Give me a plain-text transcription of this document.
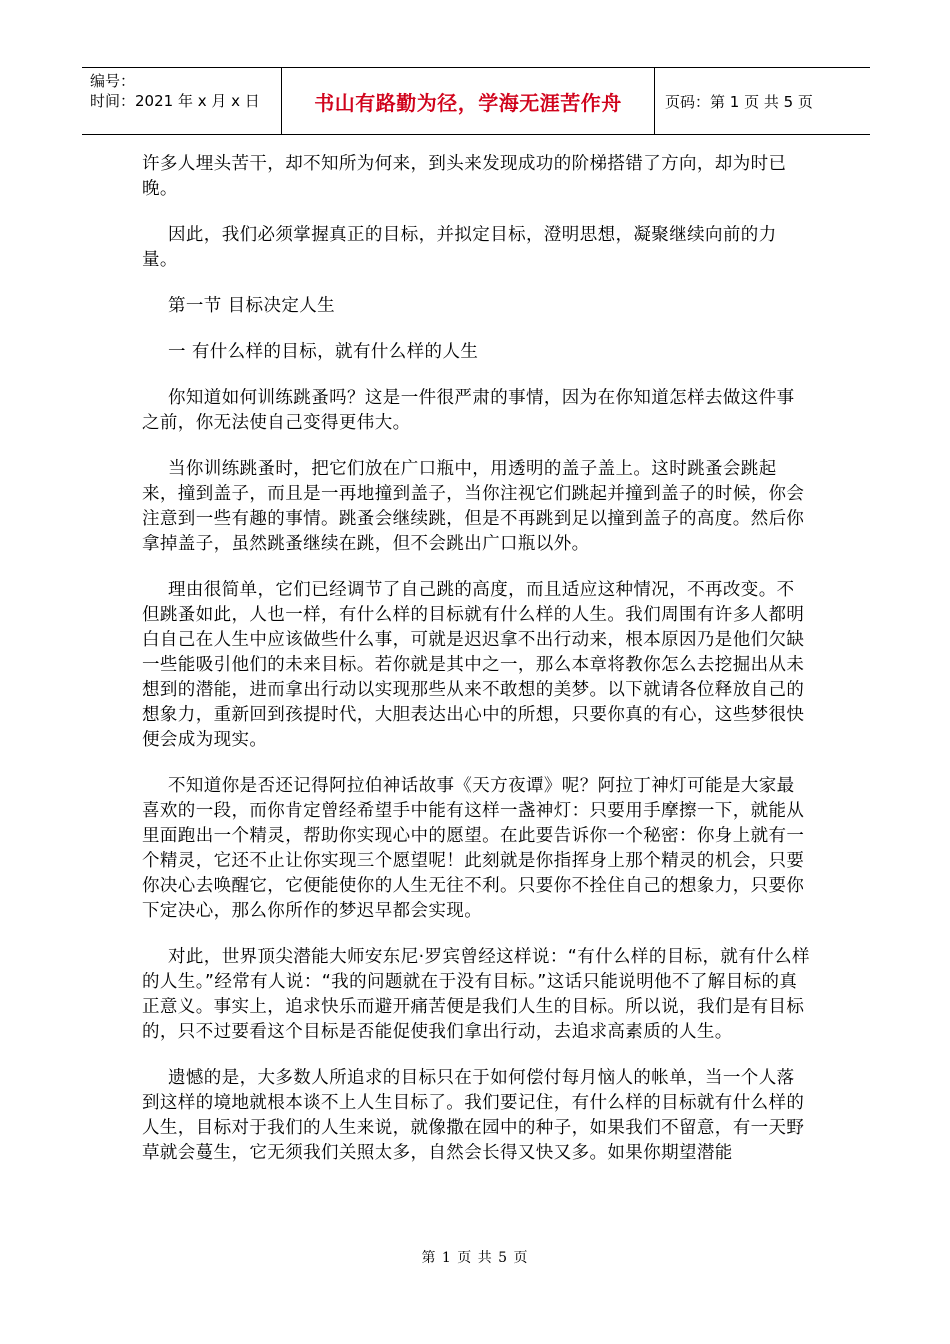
编号：
时间：2021 年 x 月 x 日	书山有路勤为径，学海无涯苦作舟	页码：第 1 页 共 5 页

许多人埋头苦干，却不知所为何来，到头来发现成功的阶梯搭错了方向，却为时已晚。

因此，我们必须掌握真正的目标，并拟定目标，澄明思想，凝聚继续向前的力量。

第一节 目标决定人生

一 有什么样的目标，就有什么样的人生

你知道如何训练跳蚤吗？这是一件很严肃的事情，因为在你知道怎样去做这件事之前，你无法使自己变得更伟大。

当你训练跳蚤时，把它们放在广口瓶中，用透明的盖子盖上。这时跳蚤会跳起来，撞到盖子，而且是一再地撞到盖子，当你注视它们跳起并撞到盖子的时候，你会注意到一些有趣的事情。跳蚤会继续跳，但是不再跳到足以撞到盖子的高度。然后你拿掉盖子，虽然跳蚤继续在跳，但不会跳出广口瓶以外。

理由很简单，它们已经调节了自己跳的高度，而且适应这种情况，不再改变。不但跳蚤如此，人也一样，有什么样的目标就有什么样的人生。我们周围有许多人都明白自己在人生中应该做些什么事，可就是迟迟拿不出行动来，根本原因乃是他们欠缺一些能吸引他们的未来目标。若你就是其中之一，那么本章将教你怎么去挖掘出从未想到的潜能，进而拿出行动以实现那些从来不敢想的美梦。以下就请各位释放自己的想象力，重新回到孩提时代，大胆表达出心中的所想，只要你真的有心，这些梦很快便会成为现实。

不知道你是否还记得阿拉伯神话故事《天方夜谭》呢？阿拉丁神灯可能是大家最喜欢的一段，而你肯定曾经希望手中能有这样一盏神灯：只要用手摩擦一下，就能从里面跑出一个精灵，帮助你实现心中的愿望。在此要告诉你一个秘密：你身上就有一个精灵，它还不止让你实现三个愿望呢！此刻就是你指挥身上那个精灵的机会，只要你决心去唤醒它，它便能使你的人生无往不利。只要你不拴住自己的想象力，只要你下定决心，那么你所作的梦迟早都会实现。

对此，世界顶尖潜能大师安东尼·罗宾曾经这样说：“有什么样的目标，就有什么样的人生。”经常有人说：“我的问题就在于没有目标。”这话只能说明他不了解目标的真正意义。事实上，追求快乐而避开痛苦便是我们人生的目标。所以说，我们是有目标的，只不过要看这个目标是否能促使我们拿出行动，去追求高素质的人生。

遗憾的是，大多数人所追求的目标只在于如何偿付每月恼人的帐单，当一个人落到这样的境地就根本谈不上人生目标了。我们要记住，有什么样的目标就有什么样的人生，目标对于我们的人生来说，就像撒在园中的种子，如果我们不留意，有一天野草就会蔓生，它无须我们关照太多，自然会长得又快又多。如果你期望潜能

第 1 页 共 5 页
